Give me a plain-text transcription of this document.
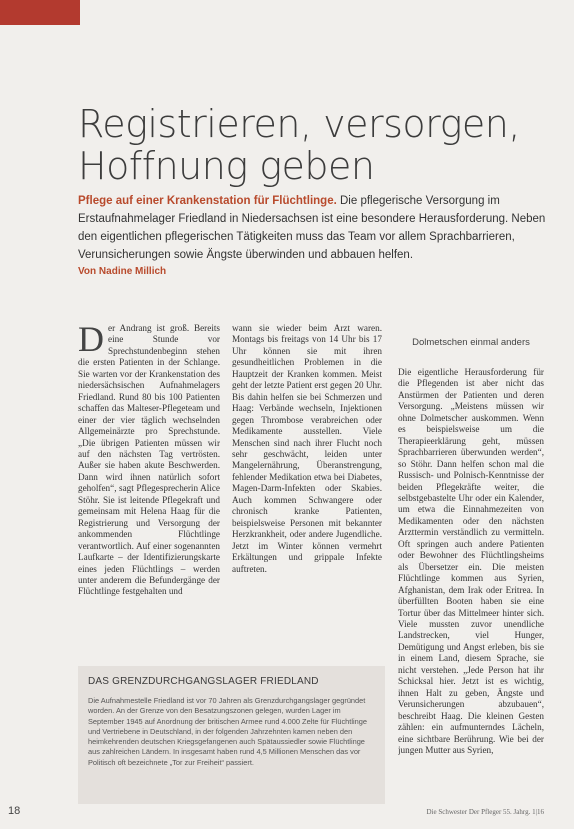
Registrieren, versorgen, Hoffnung geben
Pflege auf einer Krankenstation für Flüchtlinge. Die pflegerische Versorgung im Erstaufnahmelager Friedland in Niedersachsen ist eine besondere Herausforderung. Neben den eigentlichen pflegerischen Tätigkeiten muss das Team vor allem Sprachbarrieren, Verunsicherungen sowie Ängste überwinden und abbauen helfen.
Von Nadine Millich
D er Andrang ist groß. Bereits eine Stunde vor Sprechstundenbeginn stehen die ersten Patienten in der Schlange. Sie warten vor der Krankenstation des niedersächsischen Aufnahmelagers Friedland. Rund 80 bis 100 Patienten schaffen das Malteser-Pflegeteam und einer der vier täglich wechselnden Allgemeinärzte pro Sprechstunde. „Die übrigen Patienten müssen wir auf den nächsten Tag vertrösten. Außer sie haben akute Beschwerden. Dann wird ihnen natürlich sofort geholfen“, sagt Pflegesprecherin Alice Stöhr. Sie ist leitende Pflegekraft und gemeinsam mit Helena Haag für die Registrierung und Versorgung der ankommenden Flüchtlinge verantwortlich. Auf einer sogenannten Laufkarte – der Identifizierungskarte eines jeden Flüchtlings – werden unter anderem die Befundergänge der Flüchtlinge festgehalten und

wann sie wieder beim Arzt waren. Montags bis freitags von 14 Uhr bis 17 Uhr können sie mit ihren gesundheitlichen Problemen in die Hauptzeit der Kranken kommen. Meist geht der letzte Patient erst gegen 20 Uhr. Bis dahin helfen sie bei Schmerzen und Haag: Verbände wechseln, Injektionen gegen Thrombose verabreichen oder Medikamente ausstellen. Viele Menschen sind nach ihrer Flucht noch sehr geschwächt, leiden unter Mangelernährung, Überanstrengung, fehlender Medikation etwa bei Diabetes, Magen-Darm-Infekten oder Skabies. Auch kommen Schwangere oder chronisch kranke Patienten, beispielsweise Personen mit bekannter Herzkrankheit, oder andere Jugendliche. Jetzt im Winter können vermehrt Erkältungen und grippale Infekte auftreten.

Dolmetschen einmal anders

Die eigentliche Herausforderung für die Pflegenden ist aber nicht das Anstürmen der Patienten und deren Versorgung. „Meistens müssen wir ohne Dolmetscher auskommen. Wenn es beispielsweise um die Therapieerklärung geht, müssen Sprachbarrieren überwunden werden“, so Stöhr. Dann helfen schon mal die Russisch- und Polnisch-Kenntnisse der beiden Pflegekräfte weiter, die selbstgebastelte Uhr oder ein Kalender, um etwa die Einnahmezeiten von Medikamenten oder den nächsten Arzttermin verständlich zu vermitteln. Oft springen auch andere Patienten oder Bewohner des Flüchtlingsheims als Übersetzer ein. Die meisten Flüchtlinge kommen aus Syrien, Afghanistan, dem Irak oder Eritrea. In überfüllten Booten haben sie eine Tortur über das Mittelmeer hinter sich. Viele mussten zuvor unendliche Landstrecken, viel Hunger, Demütigung und Angst erleben, bis sie in einem Land, diesem Sprache, sie nicht verstehen. „Jede Person hat ihr Schicksal hier. Jetzt ist es wichtig, ihnen Halt zu geben, Ängste und Verunsicherungen abzubauen“, beschreibt Haag. Die kleinen Gesten zählen: ein aufmunterndes Lächeln, eine sichtbare Berührung. Wie bei der jungen Mutter aus Syrien,

DAS GRENZDURCHGANGSLAGER FRIEDLAND
Die Aufnahmestelle Friedland ist vor 70 Jahren als Grenzdurchgangslager gegründet worden. An der Grenze von den Besatzungszonen gelegen, wurden Lager im September 1945 auf Anordnung der britischen Armee rund 4.000 Zelte für Flüchtlinge und Vertriebene in Deutschland, in der folgenden Jahrzehnten kamen neben den heimkehrenden deutschen Kriegsgefangenen auch Spätaussiedler sowie Flüchtlinge aus zahlreichen Ländern. In insgesamt haben rund 4,5 Millionen Menschen das vor Politisch oft bezeichnete „Tor zur Freiheit“ passiert.
18	Die Schwester Der Pfleger 55. Jahrg. 1|16
